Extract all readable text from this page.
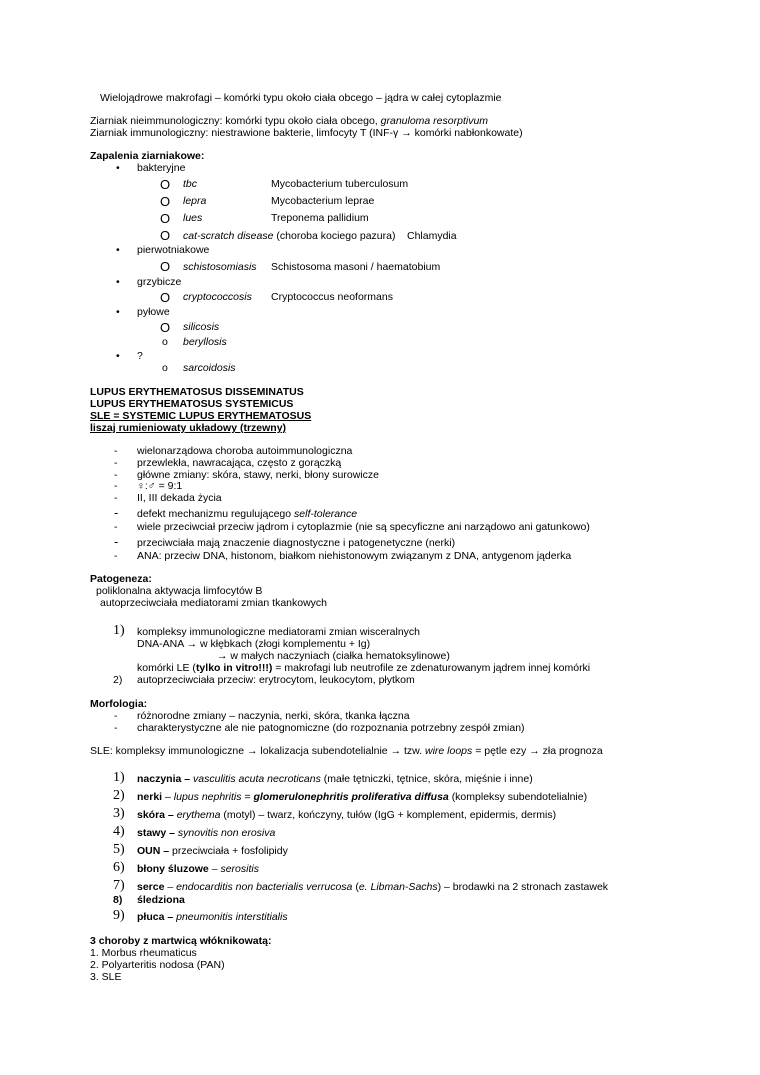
Wielojądrowe makrofagi – komórki typu około ciała obcego – jądra w całej cytoplazmie
Ziarniak nieimmunologiczny: komórki typu około ciała obcego, granuloma resorptivum
Ziarniak immunologiczny: niestrawione bakterie, limfocyty T (INF-γ → komórki nabłonkowate)
Zapalenia ziarniakowe:
• bakteryjne
O tbc	Mycobacterium tuberculosum
O lepra	Mycobacterium leprae
O lues	Treponema pallidium
O cat-scratch disease (choroba kociego pazura) Chlamydia
• pierwotniakowe
O schistosomiasis Schistosoma masoni / haematobium
• grzybicze
O cryptococcosis Cryptococcus neoformans
• pyłowe
O silicosis
o beryllosis
• ?
o sarcoidosis
LUPUS ERYTHEMATOSUS DISSEMINATUS
LUPUS ERYTHEMATOSUS SYSTEMICUS
SLE = SYSTEMIC LUPUS ERYTHEMATOSUS
liszaj rumieniowaty układowy (trzewny)
- wielonarządowa choroba autoimmunologiczna
- przewlekła, nawracająca, często z gorączką
- główne zmiany: skóra, stawy, nerki, błony surowicze
- ♀:♂ = 9:1
- II, III dekada życia
- defekt mechanizmu regulującego self-tolerance
- wiele przeciwciał przeciw jądrom i cytoplazmie (nie są specyficzne ani narządowo ani gatunkowo)
- przeciwciała mają znaczenie diagnostyczne i patogenetyczne (nerki)
- ANA: przeciw DNA, histonom, białkom niehistonowym związanym z DNA, antygenom jąderka
Patogeneza:
poliklonalna aktywacja limfocytów B
autoprzeciwciała mediatorami zmian tkankowych
1) kompleksy immunologiczne mediatorami zmian wisceralnych
DNA-ANA → w kłębkach (złogi komplementu + Ig)
→ w małych naczyniach (ciałka hematoksylinowe)
komórki LE (tylko in vitro!!!) = makrofagi lub neutrofile ze zdenaturowanym jądrem innej komórki
2) autoprzeciwciała przeciw: erytrocytom, leukocytom, płytkom
Morfologia:
- różnorodne zmiany – naczynia, nerki, skóra, tkanka łączna
- charakterystyczne ale nie patognomiczne (do rozpoznania potrzebny zespół zmian)
SLE: kompleksy immunologiczne → lokalizacja subendotelialnie → tzw. wire loops = pętle ezy → zła prognoza
1) naczynia – vasculitis acuta necroticans (małe tętniczki, tętnice, skóra, mięśnie i inne)
2) nerki – lupus nephritis = glomerulonephritis proliferativa diffusa (kompleksy subendotelialnie)
3) skóra – erythema (motyl) – twarz, kończyny, tułów (IgG + komplement, epidermis, dermis)
4) stawy – synovitis non erosiva
5) OUN – przeciwciała + fosfolipidy
6) błony śluzowe – serositis
7) serce – endocarditis non bacterialis verrucosa (e. Libman-Sachs) – brodawki na 2 stronach zastawek
8) śledziona
9) płuca – pneumonitis interstitialis
3 choroby z martwicą włóknikowatą:
1. Morbus rheumaticus
2. Polyarteritis nodosa (PAN)
3. SLE
